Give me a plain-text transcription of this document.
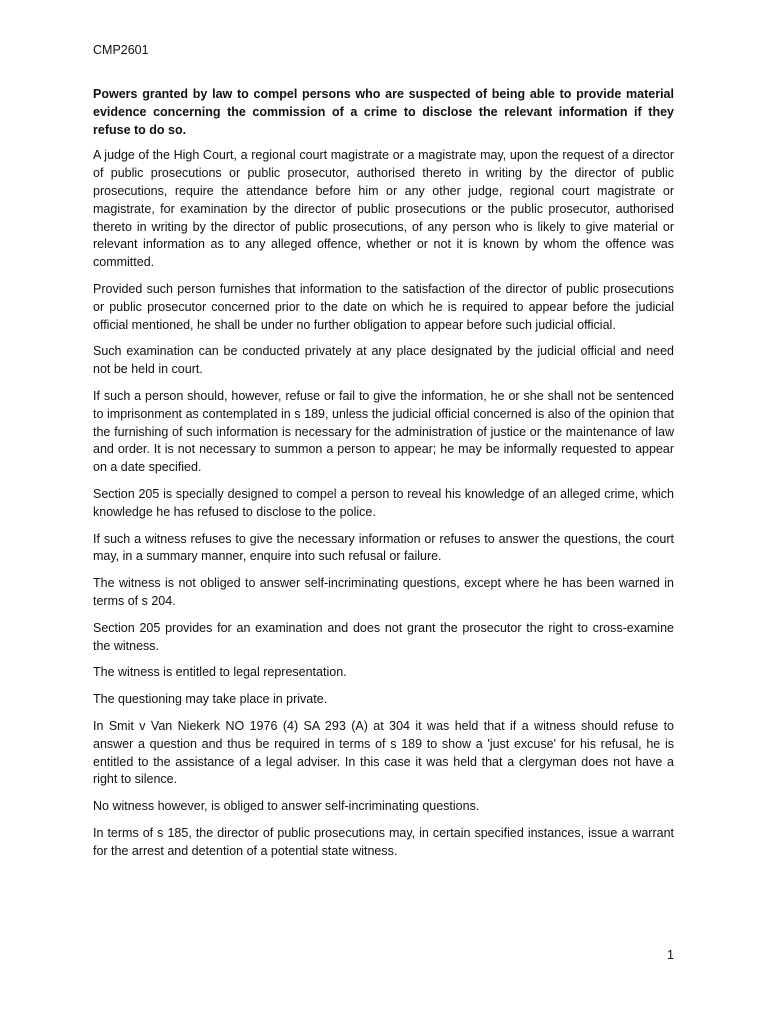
CMP2601

Powers granted by law to compel persons who are suspected of being able to provide material evidence concerning the commission of a crime to disclose the relevant information if they refuse to do so.

A judge of the High Court, a regional court magistrate or a magistrate may, upon the request of a director of public prosecutions or public prosecutor, authorised thereto in writing by the director of public prosecutions, require the attendance before him or any other judge, regional court magistrate or magistrate, for examination by the director of public prosecutions or the public prosecutor, authorised thereto in writing by the director of public prosecutions, of any person who is likely to give material or relevant information as to any alleged offence, whether or not it is known by whom the offence was committed.

Provided such person furnishes that information to the satisfaction of the director of public prosecutions or public prosecutor concerned prior to the date on which he is required to appear before the judicial official mentioned, he shall be under no further obligation to appear before such judicial official.

Such examination can be conducted privately at any place designated by the judicial official and need not be held in court.

If such a person should, however, refuse or fail to give the information, he or she shall not be sentenced to imprisonment as contemplated in s 189, unless the judicial official concerned is also of the opinion that the furnishing of such information is necessary for the administration of justice or the maintenance of law and order. It is not necessary to summon a person to appear; he may be informally requested to appear on a date specified.

Section 205 is specially designed to compel a person to reveal his knowledge of an alleged crime, which knowledge he has refused to disclose to the police.

If such a witness refuses to give the necessary information or refuses to answer the questions, the court may, in a summary manner, enquire into such refusal or failure.

The witness is not obliged to answer self-incriminating questions, except where he has been warned in terms of s 204.

Section 205 provides for an examination and does not grant the prosecutor the right to cross-examine the witness.

The witness is entitled to legal representation.

The questioning may take place in private.

In Smit v Van Niekerk NO 1976 (4) SA 293 (A) at 304 it was held that if a witness should refuse to answer a question and thus be required in terms of s 189 to show a 'just excuse' for his refusal, he is entitled to the assistance of a legal adviser. In this case it was held that a clergyman does not have a right to silence.

No witness however, is obliged to answer self-incriminating questions.

In terms of s 185, the director of public prosecutions may, in certain specified instances, issue a warrant for the arrest and detention of a potential state witness.

1
